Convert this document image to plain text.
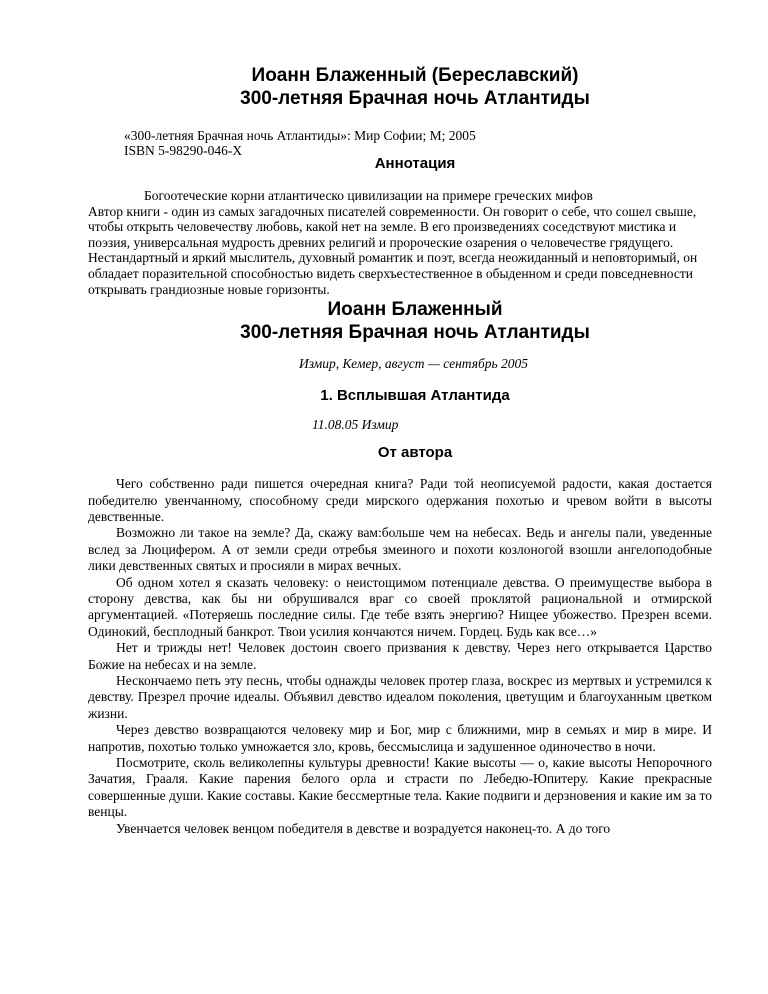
Иоанн Блаженный (Береславский)
300-летняя Брачная ночь Атлантиды
«300-летняя Брачная ночь Атлантиды»: Мир Софии; М; 2005
ISBN 5-98290-046-X
Аннотация

Богоотеческие корни атлантическо цивилизации на примере греческих мифов

Автор книги - один из самых загадочных писателей современности. Он говорит о себе, что сошел свыше, чтобы открыть человечеству любовь, какой нет на земле. В его произведениях соседствуют мистика и поэзия, универсальная мудрость древних религий и пророческие озарения о человечестве грядущего. Нестандартный и яркий мыслитель, духовный романтик и поэт, всегда неожиданный и неповторимый, он обладает поразительной способностью видеть сверхъестественное в обыденном и среди повседневности открывать грандиозные новые горизонты.

Иоанн Блаженный
300-летняя Брачная ночь Атлантиды
Измир, Кемер, август — сентябрь 2005
1. Всплывшая Атлантида
11.08.05 Измир
От автора

Чего собственно ради пишется очередная книга? Ради той неописуемой радости, какая достается победителю увенчанному, способному среди мирского одержания похотью и чревом войти в высоты девственные.

Возможно ли такое на земле? Да, скажу вам:больше чем на небесах. Ведь и ангелы пали, уведенные вслед за Люцифером. А от земли среди отребья змеиного и похоти козлоногой взошли ангелоподобные лики девственных святых и просияли в мирах вечных.

Об одном хотел я сказать человеку: о неистощимом потенциале девства. О преимуществе выбора в сторону девства, как бы ни обрушивался враг со своей проклятой рациональной и отмирской аргументацией. «Потеряешь последние силы. Где тебе взять энергию? Нищее убожество. Презрен всеми. Одинокий, бесплодный банкрот. Твои усилия кончаются ничем. Гордец. Будь как все…»

Нет и трижды нет! Человек достоин своего призвания к девству. Через него открывается Царство Божие на небесах и на земле.

Нескончаемо петь эту песнь, чтобы однажды человек протер глаза, воскрес из мертвых и устремился к девству. Презрел прочие идеалы. Объявил девство идеалом поколения, цветущим и благоуханным цветком жизни.

Через девство возвращаются человеку мир и Бог, мир с ближними, мир в семьях и мир в мире. И напротив, похотью только умножается зло, кровь, бессмыслица и задушенное одиночество в ночи.

Посмотрите, сколь великолепны культуры древности! Какие высоты — о, какие высоты Непорочного Зачатия, Грааля. Какие парения белого орла и страсти по Лебедю-Юпитеру. Какие прекрасные совершенные души. Какие составы. Какие бессмертные тела. Какие подвиги и дерзновения и какие им за то венцы.

Увенчается человек венцом победителя в девстве и возрадуется наконец-то. А до того
